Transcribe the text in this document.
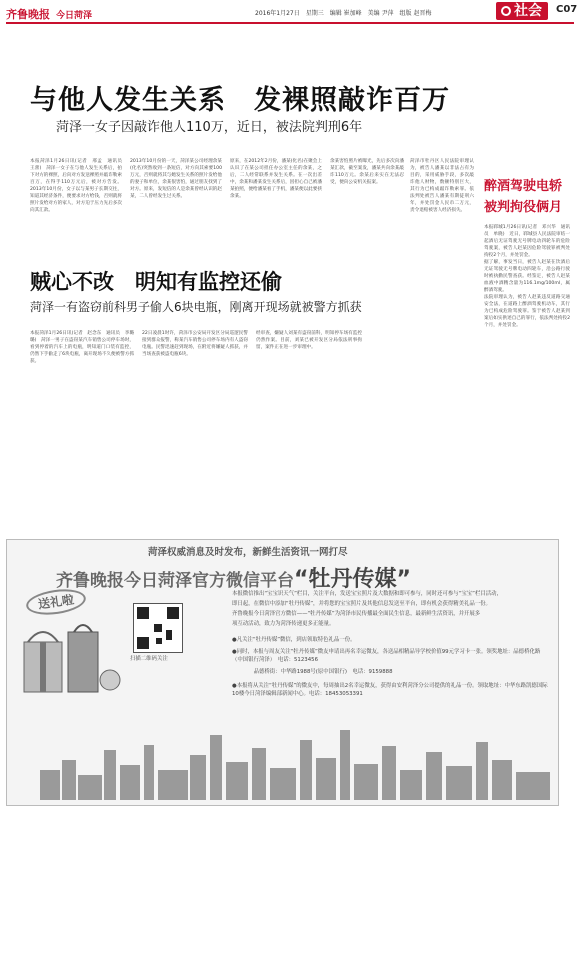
齐鲁晚报 今日菏泽	2016年1月27日　星期三　编辑 崔加峰　美编 尹萍　组版 赵晋梅	社会	C07
与他人发生关系　发裸照敲诈百万
菏泽一女子因敲诈他人110万，近日，被法院判刑6年

本报菏泽1月26日讯(记者　邢孟　通讯员　王蕾)　菏泽一女子在与他人发生关系后，拍下对方的裸照，后向对方发送裸照并敲诈勒索百万，在得手110万元后，被对方告发。2013年10月份，女子以与某男子长期交往，知道其经济条件，便要求对方给钱，否则就将照片发给对方的家人，对方迫于压力先后多次向其汇款。

2013年10月份的一天，菏泽某公司经理余某(化名)突然收到一条短信，对方向其索要100万元，否则就将其与她发生关系的照片发给他的妻子和单位，余某很害怕，通过朋友找到了对方。原来，发短信的人是余某曾经认识的赵某，二人曾经发生过关系。

原来，在2012年2月份，潘某(化名)在聚会上认识了在某公司担任办公室主任的余某，之后，二人经常联系并发生关系。在一次出差中，余某和潘某发生关系后，因担心自己被潘某拍照，便给潘某看了手机，潘某便以此要挟余某。

余某害怕照片被曝光，先后多次向潘某汇款，截至案发，潘某共向余某敲诈110万元。余某后来实在无法忍受，便向公安机关报案。

菏泽市牡丹区人民法院审理认为，被告人潘某以非法占有为目的，采用威胁手段，多次敲诈他人财物，数额特别巨大，其行为已构成敲诈勒索罪。依法判处被告人潘某有期徒刑六年，并处罚金人民币二万元，责令退赔被害人经济损失。

醉酒驾驶电轿
被判拘役俩月

本报郓城1月26日讯(记者　邓兴华　通讯员　单晓)　近日，郓城县人民法院审结一起酒后无证驾驶无号牌电动四轮车的危险驾驶案，被告人赵某因危险驾驶罪被判处拘役2个月，并处罚金。

据了解，事发当日，被告人赵某在饮酒后无证驾驶无号牌电动四轮车，沿公路行驶时被执勤民警查获。经鉴定，被告人赵某血液中酒精含量为116.1mg/100ml，属醉酒驾驶。

法院审理认为，被告人赵某违反道路交通安全法，在道路上醉酒驾驶机动车，其行为已构成危险驾驶罪。鉴于被告人赵某到案后如实供述自己的罪行，依法判处拘役2个月，并处罚金。

贼心不改　明知有监控还偷
菏泽一有盗窃前科男子偷人6块电瓶，刚离开现场就被警方抓获

本报菏泽1月26日讯(记者　赵念东　通讯员　李璐璐)　菏泽一男子在盗窃某汽车销售公司停车场时，看到停着的汽车上的电瓶，明知道门口装有监控，仍然下手偷走了6块电瓶，离开现场不久便被警方抓获。

22日凌晨1时许，菏泽市公安局开发区分局巡逻民警接到群众报警，称某汽车销售公司停车场内有人盗窃电瓶。民警迅速赶到现场，在附近将嫌疑人抓获，并当场查获被盗电瓶6块。

经审查，嫌疑人刘某有盗窃前科，明知停车场有监控仍然作案。目前，刘某已被开发区分局依法刑事拘留，案件正在进一步审理中。

菏泽权威消息及时发布，新鲜生活资讯一网打尽
齐鲁晚报今日菏泽官方微信平台“牡丹传媒”
送礼啦
扫描二维码关注
本报微信推出“宝宝识天气”栏目，关注平台，发送宝宝照片及大数据和即可参与，同时还可参与“宝宝”栏目活动，
即日起，在微信中添加“牡丹传媒”，并将您的宝宝照片及其他信息发送至平台，即有机会获得精美礼品一份。
齐鲁晚报今日菏泽官方微信——“牡丹传媒”为菏泽市民传播最全面民生信息，最新鲜生活资讯，并开展多
项互动活动，致力为菏泽传递更多正能量。
●凡关注“牡丹传媒”微信，到店领取特色礼品一份。
●同时，本报与周友关注“牡丹传媒”微友申请出再名幸运微友，各送品相精品导学校价值99元学习卡一张。领奖地址：品德桥化路（中国银行菏泽）　电话：5123456
　　　　品德桥街：中华路1988号(原中国银行)　电话：9159888
●本报将从关注“牡丹传媒”的微友中，每周抽出2名幸运微友，获得由安利菏泽分公司提供的礼品一份。领取地址：中华东路凯德国际10楼今日菏泽编辑部新闻中心。电话：18453053391
